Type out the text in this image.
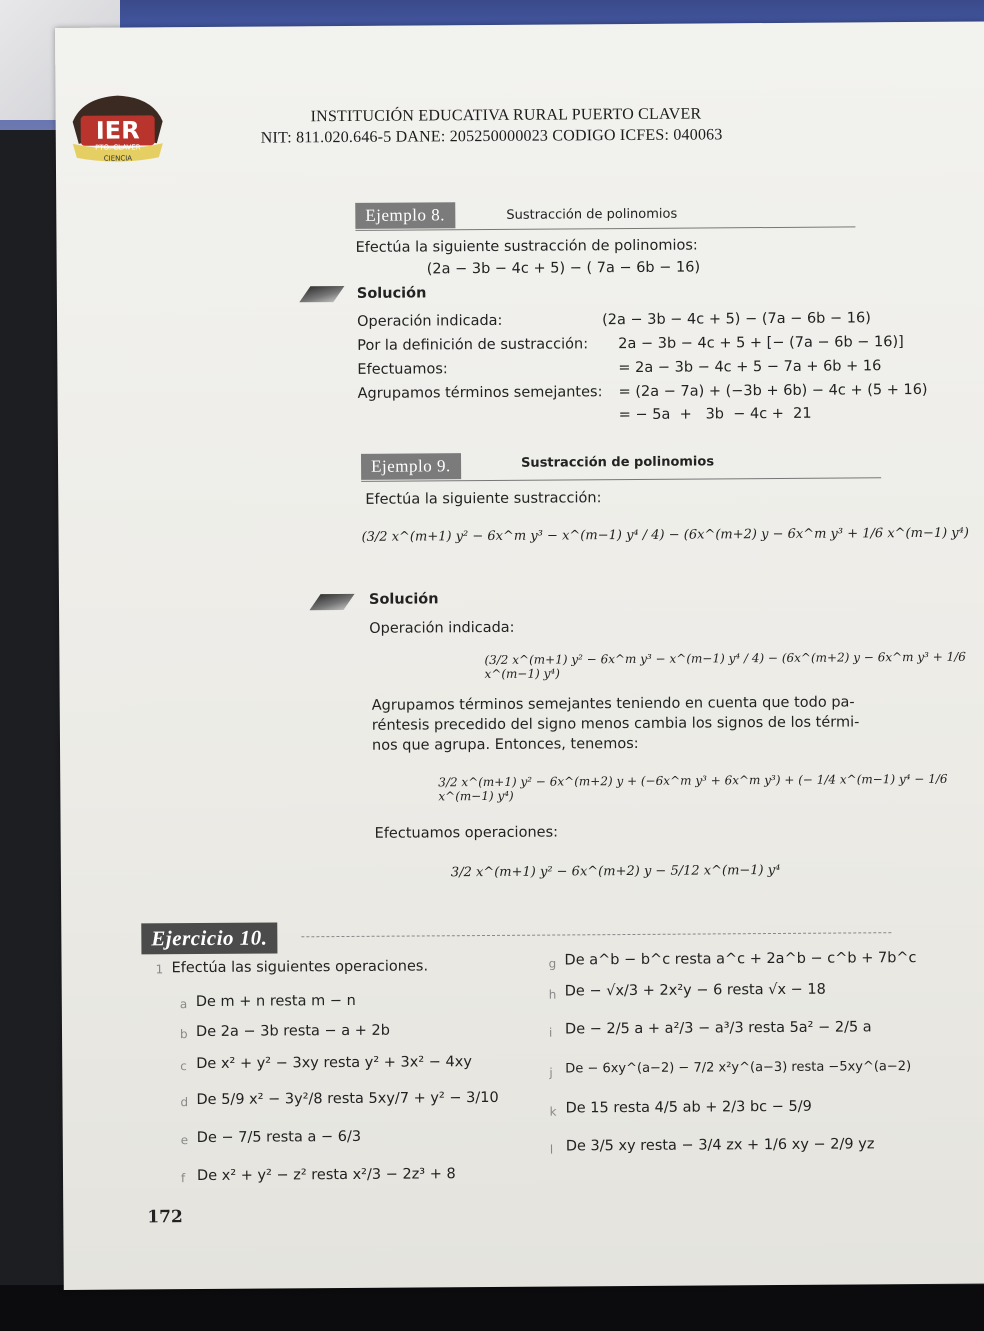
IER
PTO. CLAVER
CIENCIA
INSTITUCIÓN EDUCATIVA RURAL PUERTO CLAVER
NIT: 811.020.646-5 DANE: 205250000023 CODIGO ICFES: 040063
Ejemplo 8.	Sustracción de polinomios
Efectúa la siguiente sustracción de polinomios:
(2a − 3b − 4c + 5) − ( 7a − 6b − 16)
Solución
Operación indicada:	(2a − 3b − 4c + 5) − (7a − 6b − 16)
Por la definición de sustracción: 2a − 3b − 4c + 5 + [− (7a − 6b − 16)]
Efectuamos:	= 2a − 3b − 4c + 5 − 7a + 6b + 16
Agrupamos términos semejantes: = (2a − 7a) + (−3b + 6b) − 4c + (5 + 16)
= − 5a  +   3b  − 4c +  21
Ejemplo 9.	Sustracción de polinomios
Efectúa la siguiente sustracción:
(3/2 x^(m+1) y² − 6x^m y³ − x^(m−1) y⁴ / 4) − (6x^(m+2) y − 6x^m y³ + 1/6 x^(m−1) y⁴)
Solución
Operación indicada:
(3/2 x^(m+1) y² − 6x^m y³ − x^(m−1) y⁴ / 4) − (6x^(m+2) y − 6x^m y³ + 1/6 x^(m−1) y⁴)
Agrupamos términos semejantes teniendo en cuenta que todo pa-
réntesis precedido del signo menos cambia los signos de los térmi-
nos que agrupa. Entonces, tenemos:
3/2 x^(m+1) y² − 6x^(m+2) y + (−6x^m y³ + 6x^m y³) + (− 1/4 x^(m−1) y⁴ − 1/6 x^(m−1) y⁴)
Efectuamos operaciones:
3/2 x^(m+1) y² − 6x^(m+2) y − 5/12 x^(m−1) y⁴
Ejercicio 10.
1 Efectúa las siguientes operaciones.
a De m + n resta m − n
b De 2a − 3b resta − a + 2b
c De x² + y² − 3xy resta y² + 3x² − 4xy
d De 5/9 x² − 3y²/8 resta 5xy/7 + y² − 3/10
e De − 7/5 resta a − 6/3
f De x² + y² − z² resta x²/3 − 2z³ + 8
g De a^b − b^c resta a^c + 2a^b − c^b + 7b^c
h De − √x/3 + 2x²y − 6 resta √x − 18
i De − 2/5 a + a²/3 − a³/3 resta 5a² − 2/5 a
j De − 6xy^(a−2) − 7/2 x²y^(a−3) resta −5xy^(a−2)
k De 15 resta 4/5 ab + 2/3 bc − 5/9
l De 3/5 xy resta − 3/4 zx + 1/6 xy − 2/9 yz
172
